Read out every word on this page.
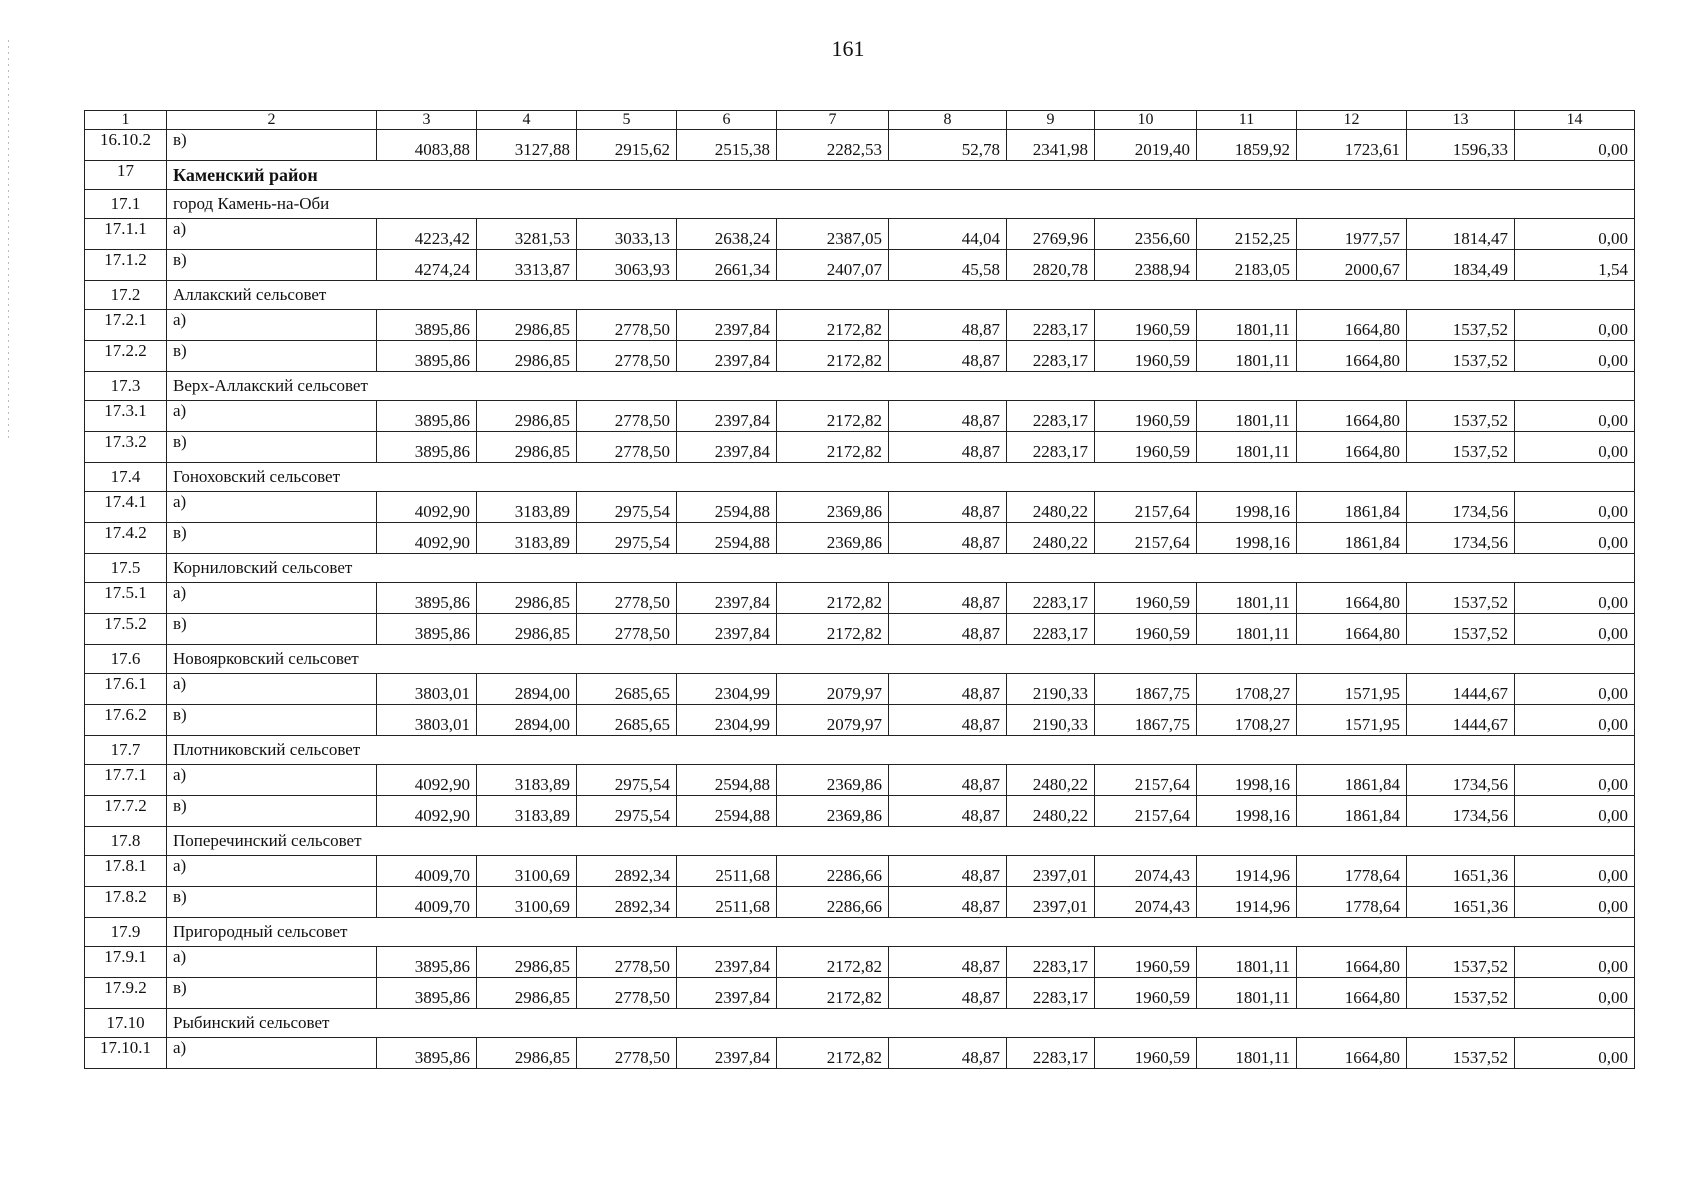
161
1	2	3	4	5	6	7	8	9	10	11	12	13	14
16.10.2	в)	4083,88	3127,88	2915,62	2515,38	2282,53	52,78	2341,98	2019,40	1859,92	1723,61	1596,33	0,00
17	Каменский район												
17.1	город Камень-на-Оби												
17.1.1	а)	4223,42	3281,53	3033,13	2638,24	2387,05	44,04	2769,96	2356,60	2152,25	1977,57	1814,47	0,00
17.1.2	в)	4274,24	3313,87	3063,93	2661,34	2407,07	45,58	2820,78	2388,94	2183,05	2000,67	1834,49	1,54
17.2	Аллакский сельсовет												
17.2.1	а)	3895,86	2986,85	2778,50	2397,84	2172,82	48,87	2283,17	1960,59	1801,11	1664,80	1537,52	0,00
17.2.2	в)	3895,86	2986,85	2778,50	2397,84	2172,82	48,87	2283,17	1960,59	1801,11	1664,80	1537,52	0,00
17.3	Верх-Аллакский сельсовет												
17.3.1	а)	3895,86	2986,85	2778,50	2397,84	2172,82	48,87	2283,17	1960,59	1801,11	1664,80	1537,52	0,00
17.3.2	в)	3895,86	2986,85	2778,50	2397,84	2172,82	48,87	2283,17	1960,59	1801,11	1664,80	1537,52	0,00
17.4	Гоноховский сельсовет												
17.4.1	а)	4092,90	3183,89	2975,54	2594,88	2369,86	48,87	2480,22	2157,64	1998,16	1861,84	1734,56	0,00
17.4.2	в)	4092,90	3183,89	2975,54	2594,88	2369,86	48,87	2480,22	2157,64	1998,16	1861,84	1734,56	0,00
17.5	Корниловский сельсовет												
17.5.1	а)	3895,86	2986,85	2778,50	2397,84	2172,82	48,87	2283,17	1960,59	1801,11	1664,80	1537,52	0,00
17.5.2	в)	3895,86	2986,85	2778,50	2397,84	2172,82	48,87	2283,17	1960,59	1801,11	1664,80	1537,52	0,00
17.6	Новоярковский сельсовет												
17.6.1	а)	3803,01	2894,00	2685,65	2304,99	2079,97	48,87	2190,33	1867,75	1708,27	1571,95	1444,67	0,00
17.6.2	в)	3803,01	2894,00	2685,65	2304,99	2079,97	48,87	2190,33	1867,75	1708,27	1571,95	1444,67	0,00
17.7	Плотниковский сельсовет												
17.7.1	а)	4092,90	3183,89	2975,54	2594,88	2369,86	48,87	2480,22	2157,64	1998,16	1861,84	1734,56	0,00
17.7.2	в)	4092,90	3183,89	2975,54	2594,88	2369,86	48,87	2480,22	2157,64	1998,16	1861,84	1734,56	0,00
17.8	Поперечинский сельсовет												
17.8.1	а)	4009,70	3100,69	2892,34	2511,68	2286,66	48,87	2397,01	2074,43	1914,96	1778,64	1651,36	0,00
17.8.2	в)	4009,70	3100,69	2892,34	2511,68	2286,66	48,87	2397,01	2074,43	1914,96	1778,64	1651,36	0,00
17.9	Пригородный сельсовет												
17.9.1	а)	3895,86	2986,85	2778,50	2397,84	2172,82	48,87	2283,17	1960,59	1801,11	1664,80	1537,52	0,00
17.9.2	в)	3895,86	2986,85	2778,50	2397,84	2172,82	48,87	2283,17	1960,59	1801,11	1664,80	1537,52	0,00
17.10	Рыбинский сельсовет												
17.10.1	а)	3895,86	2986,85	2778,50	2397,84	2172,82	48,87	2283,17	1960,59	1801,11	1664,80	1537,52	0,00
